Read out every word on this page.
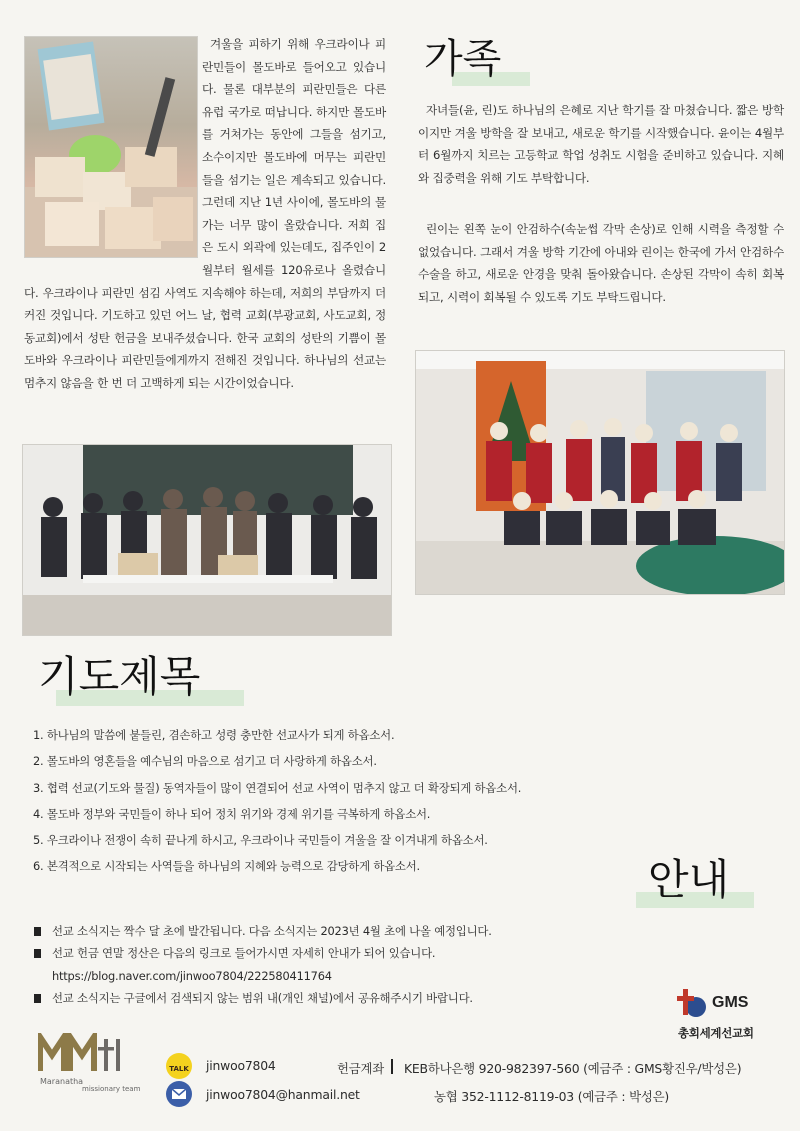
겨울을 피하기 위해 우크라이나 피란민들이 몰도바로 들어오고 있습니다. 물론 대부분의 피란민들은 다른 유럽 국가로 떠납니다. 하지만 몰도바를 거쳐가는 동안에 그들을 섬기고, 소수이지만 몰도바에 머무는 피란민들을 섬기는 일은 계속되고 있습니다. 그런데 지난 1년 사이에, 몰도바의 물가는 너무 많이 올랐습니다. 저희 집은 도시 외곽에 있는데도, 집주인이 2월부터 월세를 120유로나 올렸습니다. 우크라이나 피란민 섬김 사역도 지속해야 하는데, 저희의 부담까지 더 커진 것입니다. 기도하고 있던 어느 날, 협력 교회(부광교회, 사도교회, 정동교회)에서 성탄 헌금을 보내주셨습니다. 한국 교회의 성탄의 기쁨이 몰도바와 우크라이나 피란민들에게까지 전해진 것입니다. 하나님의 선교는 멈추지 않음을 한 번 더 고백하게 되는 시간이었습니다.
가족
자녀들(윤, 린)도 하나님의 은혜로 지난 학기를 잘 마쳤습니다. 짧은 방학이지만 겨울 방학을 잘 보내고, 새로운 학기를 시작했습니다. 윤이는 4월부터 6월까지 치르는 고등학교 학업 성취도 시험을 준비하고 있습니다. 지혜와 집중력을 위해 기도 부탁합니다.
린이는 왼쪽 눈이 안검하수(속눈썹 각막 손상)로 인해 시력을 측정할 수 없었습니다. 그래서 겨울 방학 기간에 아내와 린이는 한국에 가서 안검하수 수술을 하고, 새로운 안경을 맞춰 돌아왔습니다. 손상된 각막이 속히 회복되고, 시력이 회복될 수 있도록 기도 부탁드립니다.
기도제목
1. 하나님의 말씀에 붙들린, 겸손하고 성령 충만한 선교사가 되게 하옵소서.
2. 몰도바의 영혼들을 예수님의 마음으로 섬기고 더 사랑하게 하옵소서.
3. 협력 선교(기도와 물질) 동역자들이 많이 연결되어 선교 사역이 멈추지 않고 더 확장되게 하옵소서.
4. 몰도바 정부와 국민들이 하나 되어 정치 위기와 경제 위기를 극복하게 하옵소서.
5. 우크라이나 전쟁이 속히 끝나게 하시고, 우크라이나 국민들이 겨울을 잘 이겨내게 하옵소서.
6. 본격적으로 시작되는 사역들을 하나님의 지혜와 능력으로 감당하게 하옵소서.	안내
선교 소식지는 짝수 달 초에 발간됩니다. 다음 소식지는 2023년 4월 초에 나올 예정입니다.
선교 헌금 연말 정산은 다음의 링크로 들어가시면 자세히 안내가 되어 있습니다.
https://blog.naver.com/jinwoo7804/222580411764
선교 소식지는 구글에서 검색되지 않는 범위 내(개인 채널)에서 공유해주시기 바랍니다.	GMS
총회세계선교회
Maranatha
missionary team
TALK jinwoo7804
jinwoo7804@hanmail.net
헌금계좌 KEB하나은행 920-982397-560 (예금주 : GMS황진우/박성은)
농협 352-1112-8119-03 (예금주 : 박성은)
